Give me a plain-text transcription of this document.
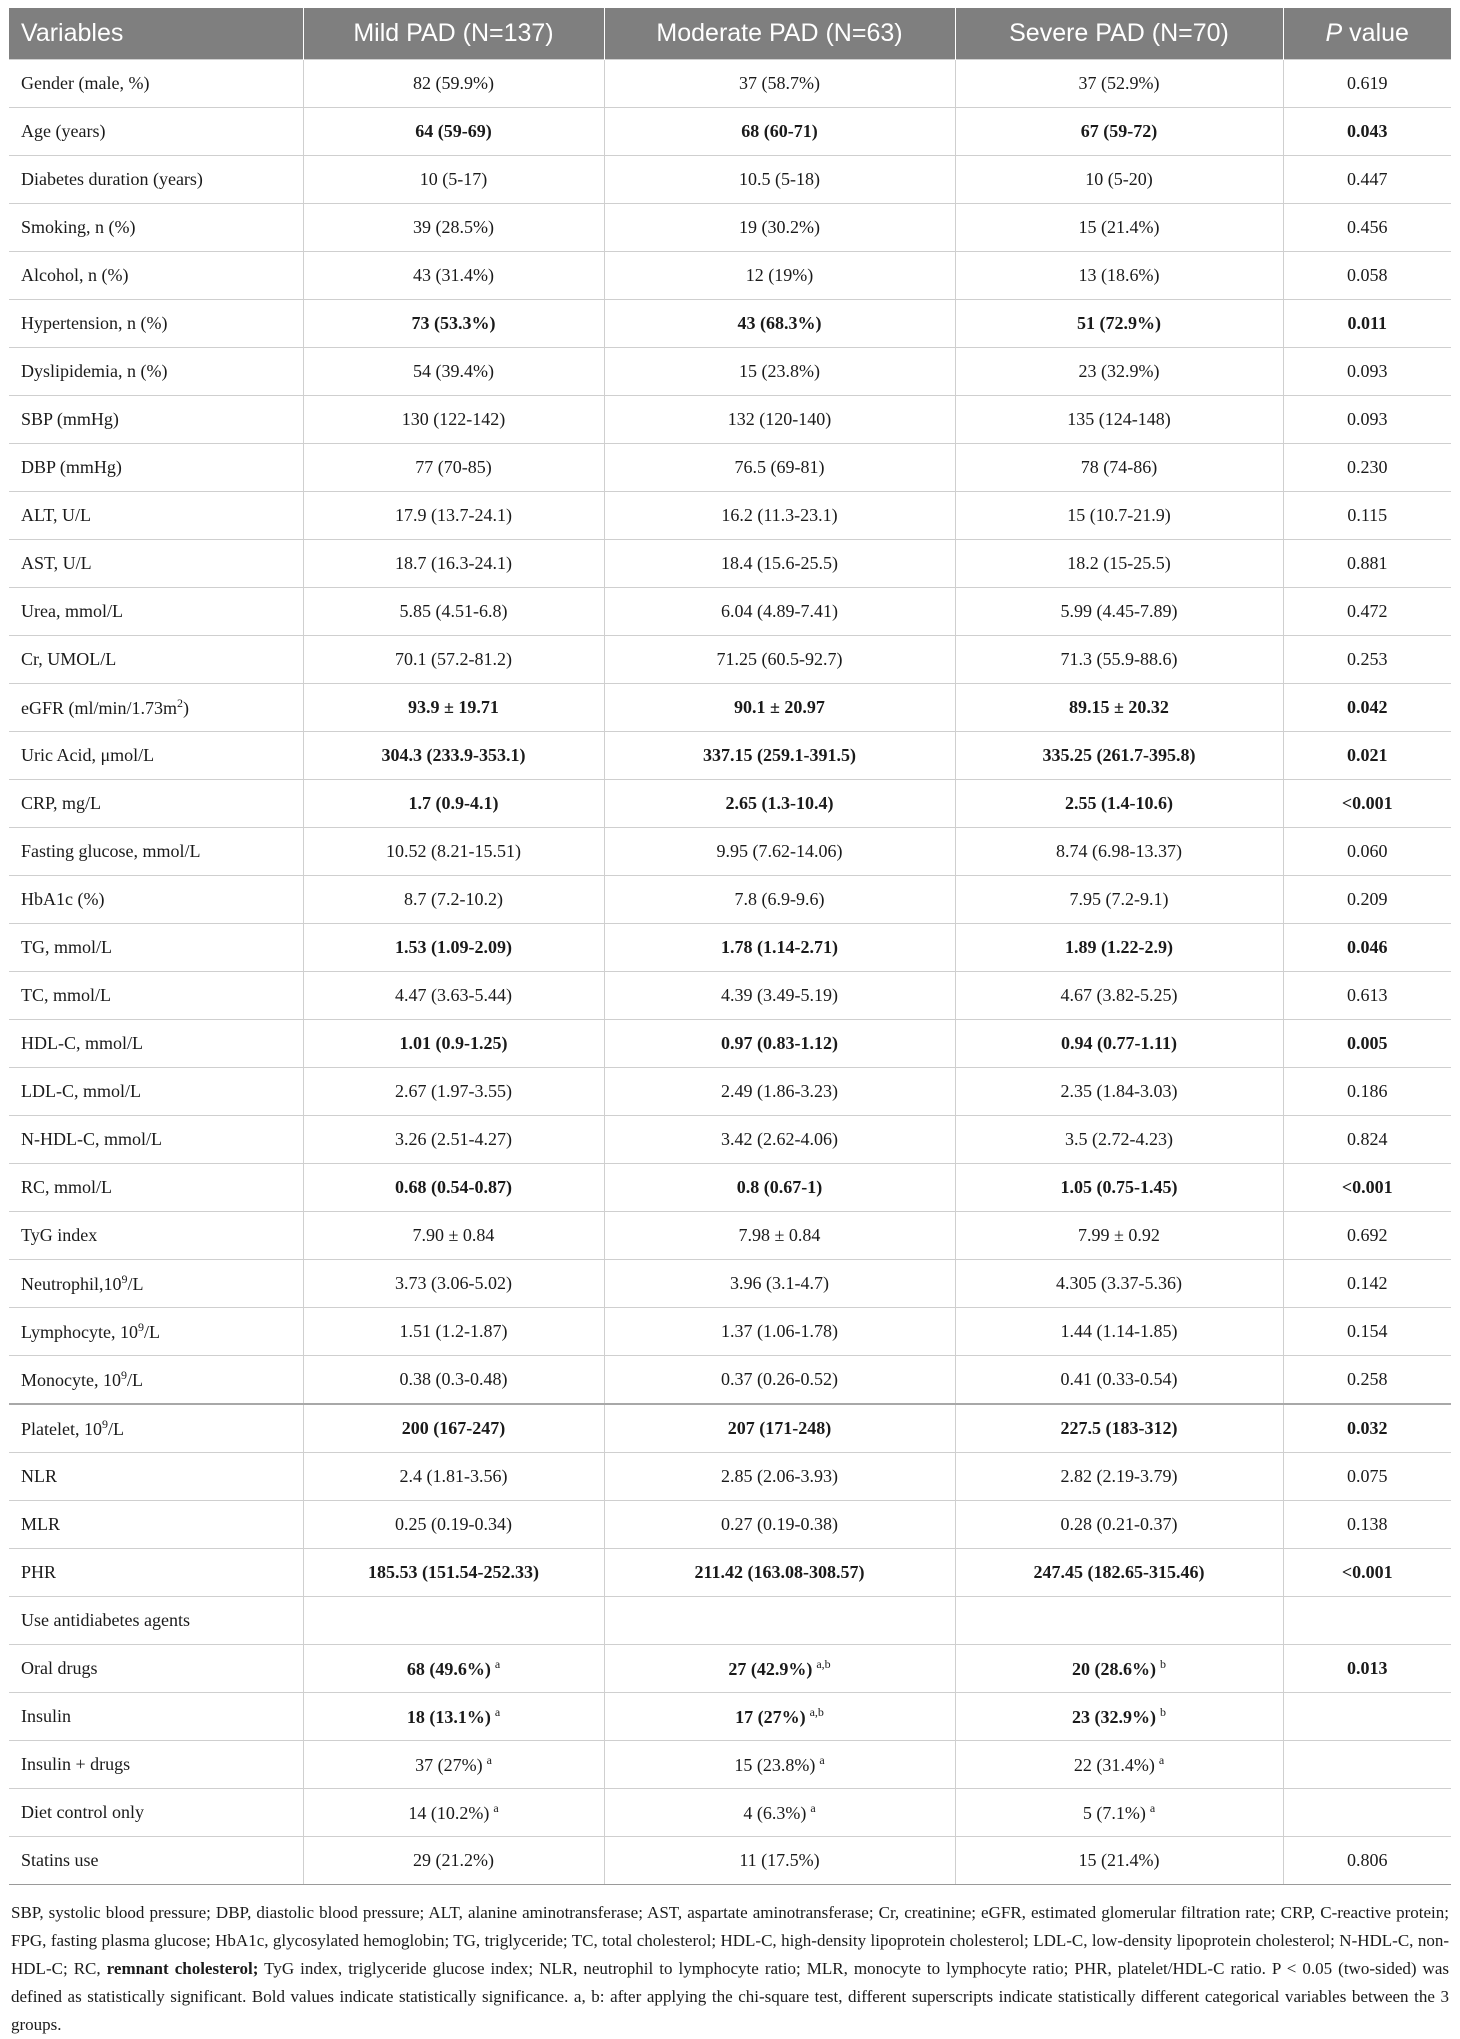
Variables	Mild PAD (N=137)	Moderate PAD (N=63)	Severe PAD (N=70)	P value
Gender (male, %)	82 (59.9%)	37 (58.7%)	37 (52.9%)	0.619
Age (years)	64 (59-69)	68 (60-71)	67 (59-72)	0.043
Diabetes duration (years)	10 (5-17)	10.5 (5-18)	10 (5-20)	0.447
Smoking, n (%)	39 (28.5%)	19 (30.2%)	15 (21.4%)	0.456
Alcohol, n (%)	43 (31.4%)	12 (19%)	13 (18.6%)	0.058
Hypertension, n (%)	73 (53.3%)	43 (68.3%)	51 (72.9%)	0.011
Dyslipidemia, n (%)	54 (39.4%)	15 (23.8%)	23 (32.9%)	0.093
SBP (mmHg)	130 (122-142)	132 (120-140)	135 (124-148)	0.093
DBP (mmHg)	77 (70-85)	76.5 (69-81)	78 (74-86)	0.230
ALT, U/L	17.9 (13.7-24.1)	16.2 (11.3-23.1)	15 (10.7-21.9)	0.115
AST, U/L	18.7 (16.3-24.1)	18.4 (15.6-25.5)	18.2 (15-25.5)	0.881
Urea, mmol/L	5.85 (4.51-6.8)	6.04 (4.89-7.41)	5.99 (4.45-7.89)	0.472
Cr, UMOL/L	70.1 (57.2-81.2)	71.25 (60.5-92.7)	71.3 (55.9-88.6)	0.253
eGFR $(ml/\min/1.73m^2)$	93.9 ± 19.71	90.1 ± 20.97	89.15 ± 20.32	0.042
Uric Acid, μmol/L	304.3 (233.9-353.1)	337.15 (259.1-391.5)	335.25 (261.7-395.8)	0.021
CRP, mg/L	1.7 (0.9-4.1)	2.65 (1.3-10.4)	2.55 (1.4-10.6)	<0.001
Fasting glucose, mmol/L	10.52 (8.21-15.51)	9.95 (7.62-14.06)	8.74 (6.98-13.37)	0.060
HbA1c (%)	8.7 (7.2-10.2)	7.8 (6.9-9.6)	7.95 (7.2-9.1)	0.209
TG, mmol/L	1.53 (1.09-2.09)	1.78 (1.14-2.71)	1.89 (1.22-2.9)	0.046
TC, mmol/L	4.47 (3.63-5.44)	4.39 (3.49-5.19)	4.67 (3.82-5.25)	0.613
HDL-C, mmol/L	1.01 (0.9-1.25)	0.97 (0.83-1.12)	0.94 (0.77-1.11)	0.005
LDL-C, mmol/L	2.67 (1.97-3.55)	2.49 (1.86-3.23)	2.35 (1.84-3.03)	0.186
N-HDL-C, mmol/L	3.26 (2.51-4.27)	3.42 (2.62-4.06)	3.5 (2.72-4.23)	0.824
RC, mmol/L	0.68 (0.54-0.87)	0.8 (0.67-1)	1.05 (0.75-1.45)	<0.001
TyG index	7.90 ± 0.84	7.98 ± 0.84	7.99 ± 0.92	0.692
$Neutrophil,10^9/L$	3.73 (3.06-5.02)	3.96 (3.1-4.7)	4.305 (3.37-5.36)	0.142
Lymphocyte, $10^9/L$	1.51 (1.2-1.87)	1.37 (1.06-1.78)	1.44 (1.14-1.85)	0.154
Monocyte, $10^9/L$	0.38 (0.3-0.48)	0.37 (0.26-0.52)	0.41 (0.33-0.54)	0.258
Platelet, $10^9/L$	200 (167-247)	207 (171-248)	227.5 (183-312)	0.032
NLR	2.4 (1.81-3.56)	2.85 (2.06-3.93)	2.82 (2.19-3.79)	0.075
MLR	0.25 (0.19-0.34)	0.27 (0.19-0.38)	0.28 (0.21-0.37)	0.138
PHR	185.53 (151.54-252.33)	211.42 (163.08-308.57)	247.45 (182.65-315.46)	<0.001
Use antidiabetes agents				
Oral drugs	68 (49.6%) $^a$	27 (42.9%) $^{a,b}$	20 (28.6%) $^b$	0.013
Insulin	18 (13.1%) $^a$	17 (27%) $^{a,b}$	23 (32.9%) $^b$	
Insulin + drugs	37 (27%) $^a$	15 (23.8%) $^a$	22 (31.4%) $^a$	
Diet control only	14 (10.2%) $^a$	4 (6.3%) $^a$	5 (7.1%) $^a$	
Statins use	29 (21.2%)	11 (17.5%)	15 (21.4%)	0.806
SBP, systolic blood pressure; DBP, diastolic blood pressure; ALT, alanine aminotransferase; AST, aspartate aminotransferase; Cr, creatinine; eGFR, estimated glomerular filtration rate; CRP, C-reactive protein; FPG, fasting plasma glucose; HbA1c, glycosylated hemoglobin; TG, triglyceride; TC, total cholesterol; HDL-C, high-density lipoprotein cholesterol; LDL-C, low-density lipoprotein cholesterol; N-HDL-C, non-HDL-C; RC, remnant cholesterol; TyG index, triglyceride glucose index; NLR, neutrophil to lymphocyte ratio; MLR, monocyte to lymphocyte ratio; PHR, platelet/HDL-C ratio. P < 0.05 (two-sided) was defined as statistically significant. Bold values indicate statistically significance. a, b: after applying the chi-square test, different superscripts indicate statistically different categorical variables between the 3 groups.
